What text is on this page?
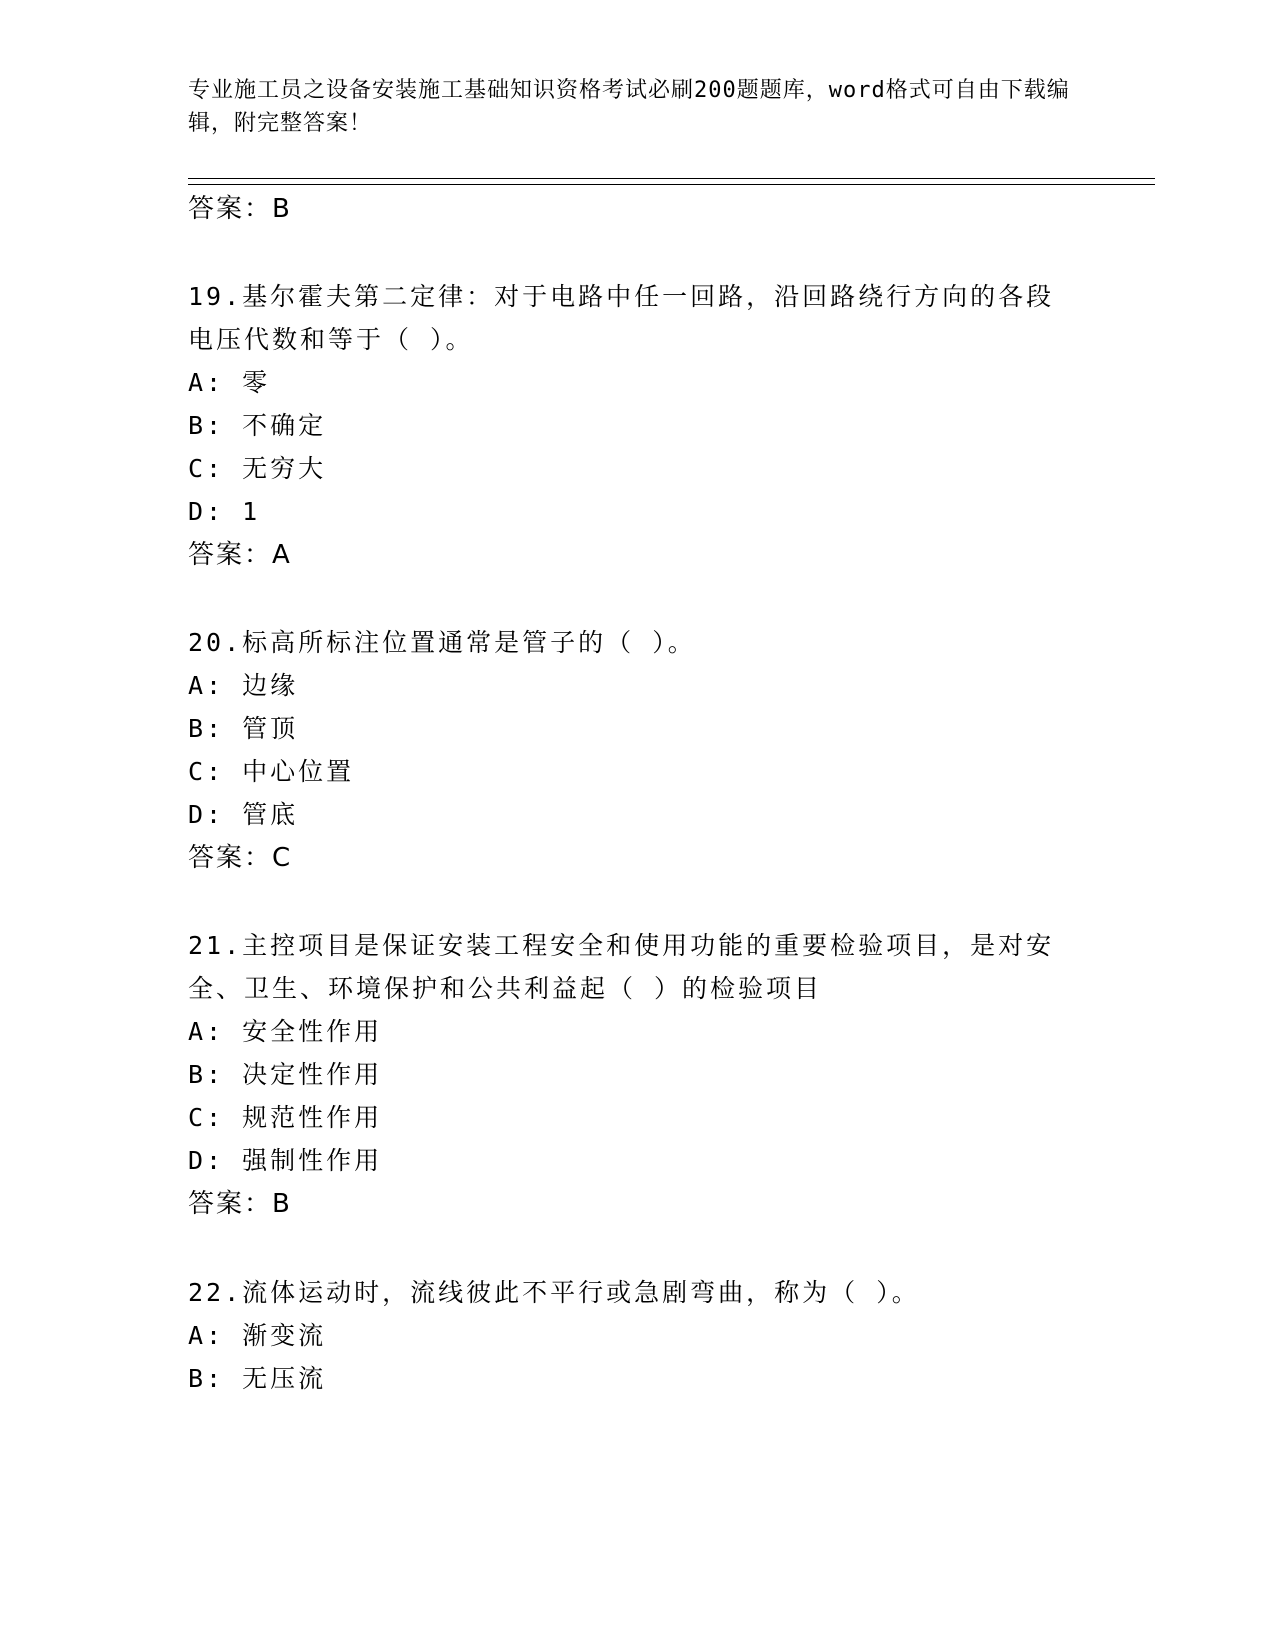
专业施工员之设备安装施工基础知识资格考试必刷200题题库，word格式可自由下载编辑，附完整答案！
答案：B
19.基尔霍夫第二定律：对于电路中任一回路，沿回路绕行方向的各段
电压代数和等于（ ）。
A: 零
B: 不确定
C: 无穷大
D: 1
答案：A
20.标高所标注位置通常是管子的（ ）。
A: 边缘
B: 管顶
C: 中心位置
D: 管底
答案：C
21.主控项目是保证安装工程安全和使用功能的重要检验项目，是对安
全、卫生、环境保护和公共利益起（ ）的检验项目
A: 安全性作用
B: 决定性作用
C: 规范性作用
D: 强制性作用
答案：B
22.流体运动时，流线彼此不平行或急剧弯曲，称为（ ）。
A: 渐变流
B: 无压流
